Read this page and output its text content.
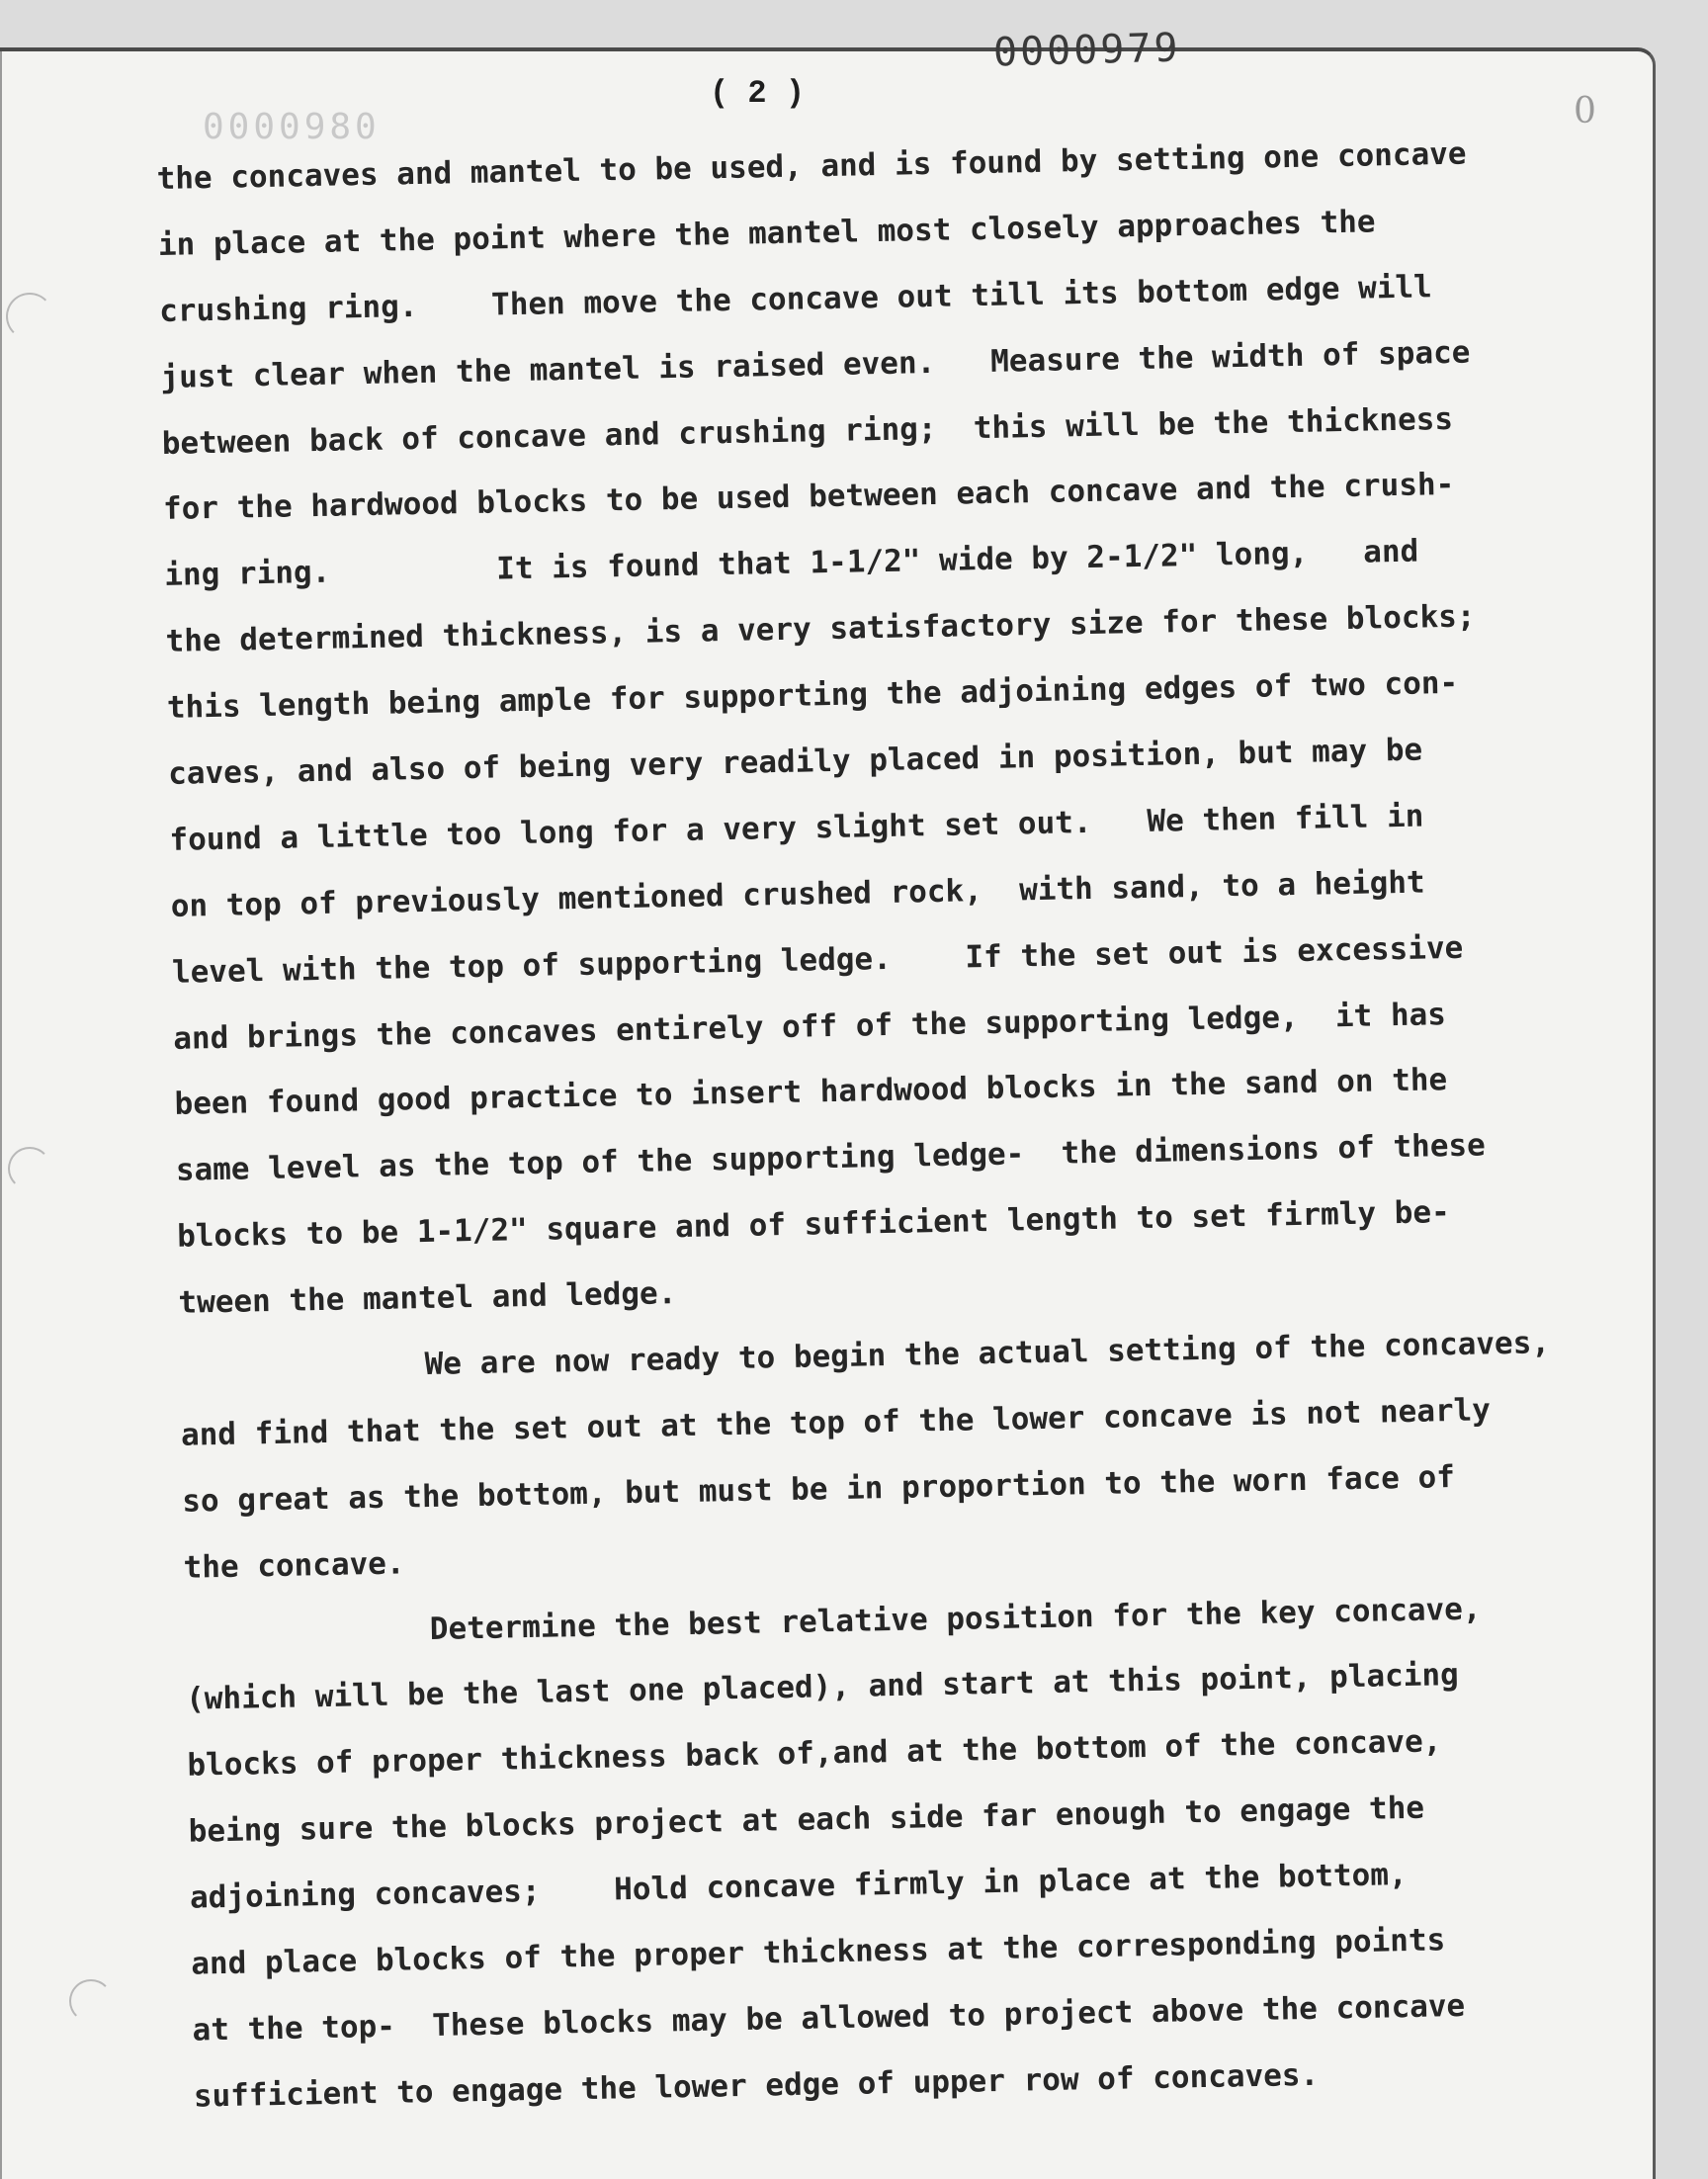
0000980
0000979
( 2 )	0
the concaves and mantel to be used, and is found by setting one concave
in place at the point where the mantel most closely approaches the
crushing ring.    Then move the concave out till its bottom edge will
just clear when the mantel is raised even.   Measure the width of space
between back of concave and crushing ring;  this will be the thickness
for the hardwood blocks to be used between each concave and the crush-
ing ring.         It is found that 1-1/2" wide by 2-1/2" long,   and
the determined thickness, is a very satisfactory size for these blocks;
this length being ample for supporting the adjoining edges of two con-
caves, and also of being very readily placed in position, but may be
found a little too long for a very slight set out.   We then fill in
on top of previously mentioned crushed rock,  with sand, to a height
level with the top of supporting ledge.    If the set out is excessive
and brings the concaves entirely off of the supporting ledge,  it has
been found good practice to insert hardwood blocks in the sand on the
same level as the top of the supporting ledge-  the dimensions of these
blocks to be 1-1/2" square and of sufficient length to set firmly be-
tween the mantel and ledge.
We are now ready to begin the actual setting of the concaves,
and find that the set out at the top of the lower concave is not nearly
so great as the bottom, but must be in proportion to the worn face of
the concave.
Determine the best relative position for the key concave,
(which will be the last one placed), and start at this point, placing
blocks of proper thickness back of,and at the bottom of the concave,
being sure the blocks project at each side far enough to engage the
adjoining concaves;    Hold concave firmly in place at the bottom,
and place blocks of the proper thickness at the corresponding points
at the top-  These blocks may be allowed to project above the concave
sufficient to engage the lower edge of upper row of concaves.
